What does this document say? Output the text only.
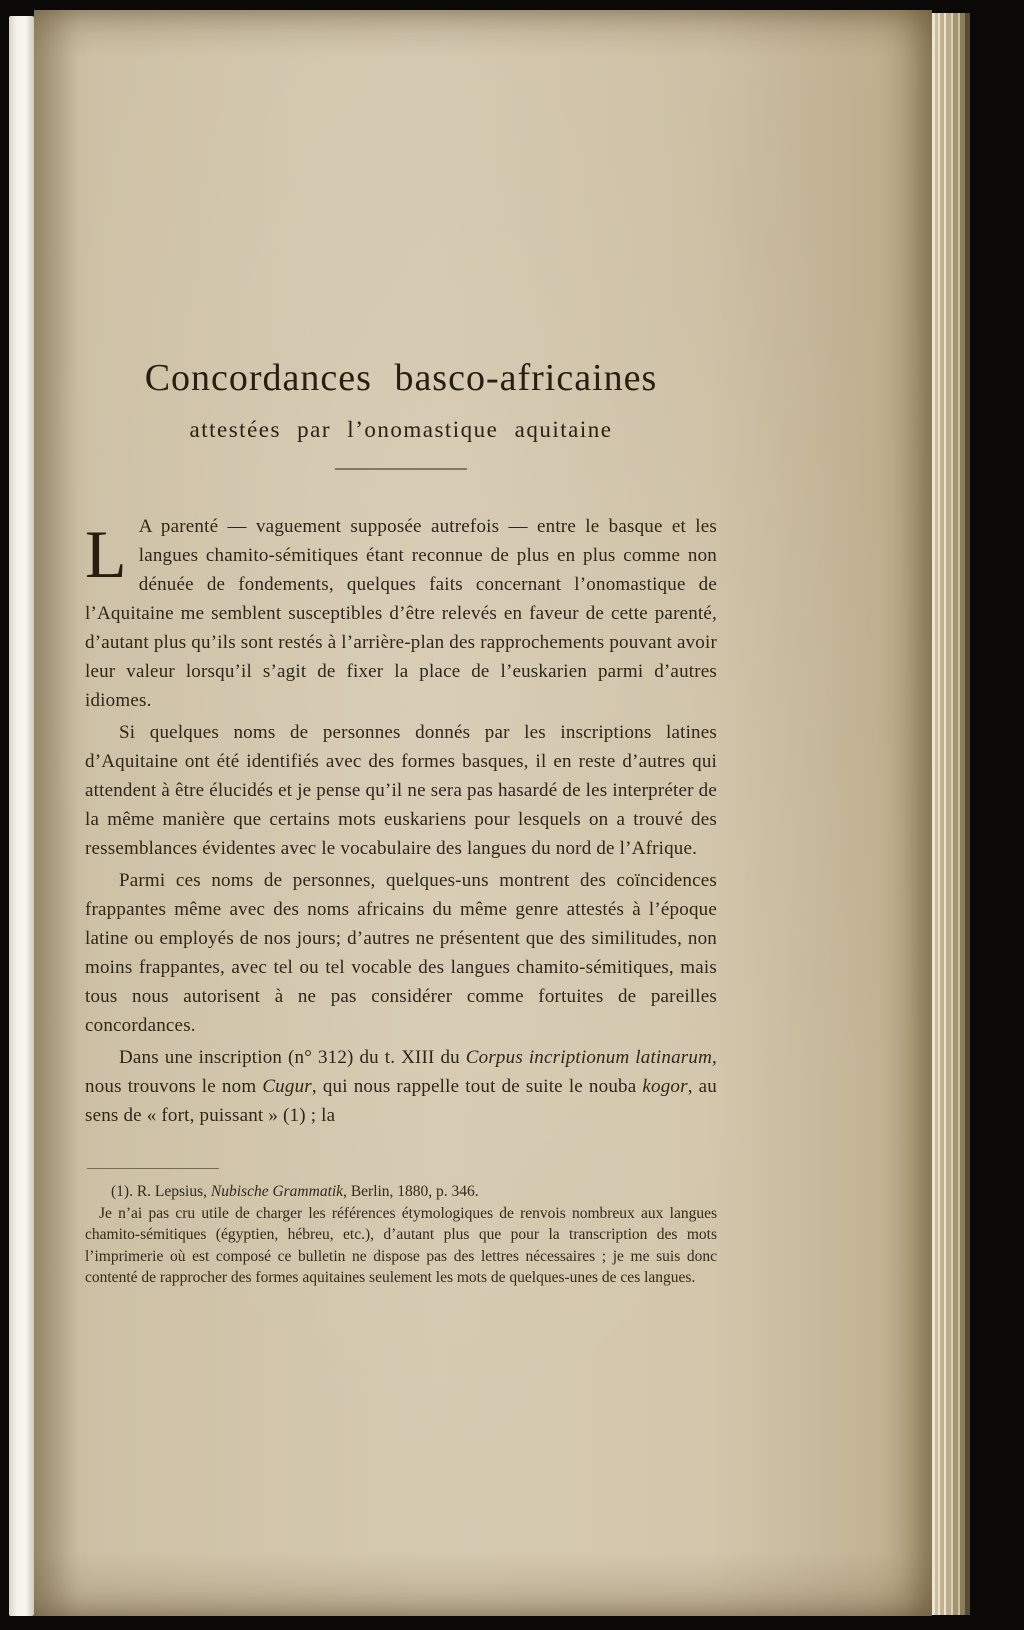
Concordances basco-africaines
attestées par l’onomastique aquitaine

L A parenté — vaguement supposée autrefois — entre le basque et les langues chamito-sémitiques étant reconnue de plus en plus comme non dénuée de fondements, quelques faits concernant l’onomastique de l’Aquitaine me semblent susceptibles d’être relevés en faveur de cette parenté, d’autant plus qu’ils sont restés à l’arrière-plan des rapprochements pouvant avoir leur valeur lorsqu’il s’agit de fixer la place de l’euskarien parmi d’autres idiomes.

Si quelques noms de personnes donnés par les inscriptions latines d’Aquitaine ont été identifiés avec des formes basques, il en reste d’autres qui attendent à être élucidés et je pense qu’il ne sera pas hasardé de les interpréter de la même manière que certains mots euskariens pour lesquels on a trouvé des ressemblances évidentes avec le vocabulaire des langues du nord de l’Afrique.

Parmi ces noms de personnes, quelques-uns montrent des coïncidences frappantes même avec des noms africains du même genre attestés à l’époque latine ou employés de nos jours; d’autres ne présentent que des similitudes, non moins frappantes, avec tel ou tel vocable des langues chamito-sémitiques, mais tous nous autorisent à ne pas considérer comme fortuites de pareilles concordances.

Dans une inscription (n° 312) du t. XIII du Corpus incriptionum latinarum, nous trouvons le nom Cugur, qui nous rappelle tout de suite le nouba kogor, au sens de « fort, puissant » (1) ; la

(1). R. Lepsius, Nubische Grammatik, Berlin, 1880, p. 346.

Je n’ai pas cru utile de charger les références étymologiques de renvois nombreux aux langues chamito-sémitiques (égyptien, hébreu, etc.), d’autant plus que pour la transcription des mots l’imprimerie où est composé ce bulletin ne dispose pas des lettres nécessaires ; je me suis donc contenté de rapprocher des formes aquitaines seulement les mots de quelques-unes de ces langues.
